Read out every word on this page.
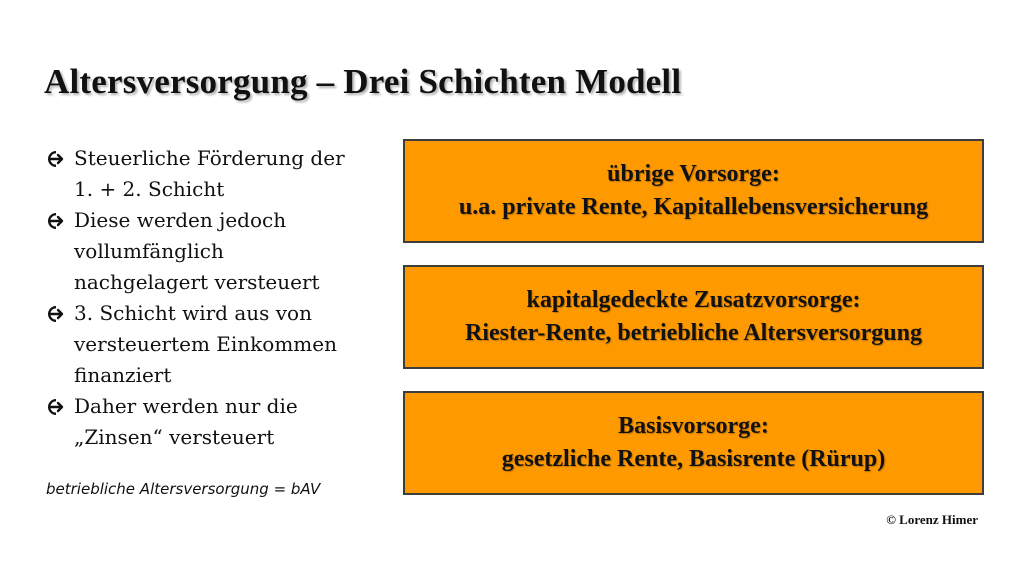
Altersversorgung – Drei Schichten Modell
Steuerliche Förderung der
1. + 2. Schicht
Diese werden jedoch
vollumfänglich
nachgelagert versteuert
3. Schicht wird aus von
versteuertem Einkommen
finanziert
Daher werden nur die
„Zinsen“ versteuert
betriebliche Altersversorgung = bAV
übrige Vorsorge:
u.a. private Rente, Kapitallebensversicherung
kapitalgedeckte Zusatzvorsorge:
Riester-Rente, betriebliche Altersversorgung
Basisvorsorge:
gesetzliche Rente, Basisrente (Rürup)
© Lorenz Himer
